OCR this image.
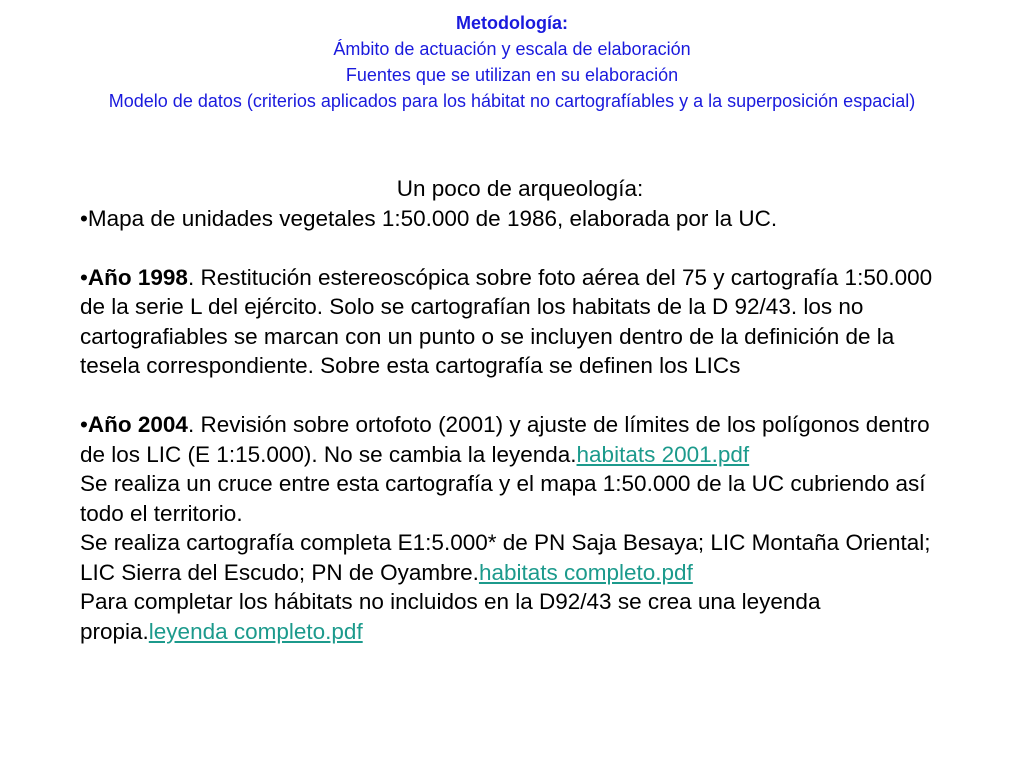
Metodología:
Ámbito de actuación y escala de elaboración
Fuentes que se utilizan en su elaboración
Modelo de datos (criterios aplicados para los hábitat no cartografíables y a la superposición espacial)

Un poco de arqueología:

•Mapa de unidades vegetales 1:50.000 de 1986, elaborada por la UC.

•Año 1998. Restitución estereoscópica sobre foto aérea del 75 y cartografía 1:50.000 de la serie L del ejército. Solo se cartografían los habitats de la D 92/43. los no cartografiables se marcan con un punto o se incluyen dentro de la definición de la tesela correspondiente. Sobre esta cartografía se definen los LICs

•Año 2004. Revisión sobre ortofoto (2001) y ajuste de límites de los polígonos dentro de los LIC (E 1:15.000). No se cambia la leyenda.habitats 2001.pdf

Se realiza un cruce entre esta cartografía y el mapa 1:50.000 de la UC cubriendo así todo el territorio.

Se realiza cartografía completa E1:5.000* de PN Saja Besaya; LIC Montaña Oriental; LIC Sierra del Escudo; PN de Oyambre.habitats completo.pdf

Para completar los hábitats no incluidos en la D92/43 se crea una leyenda propia.leyenda completo.pdf
